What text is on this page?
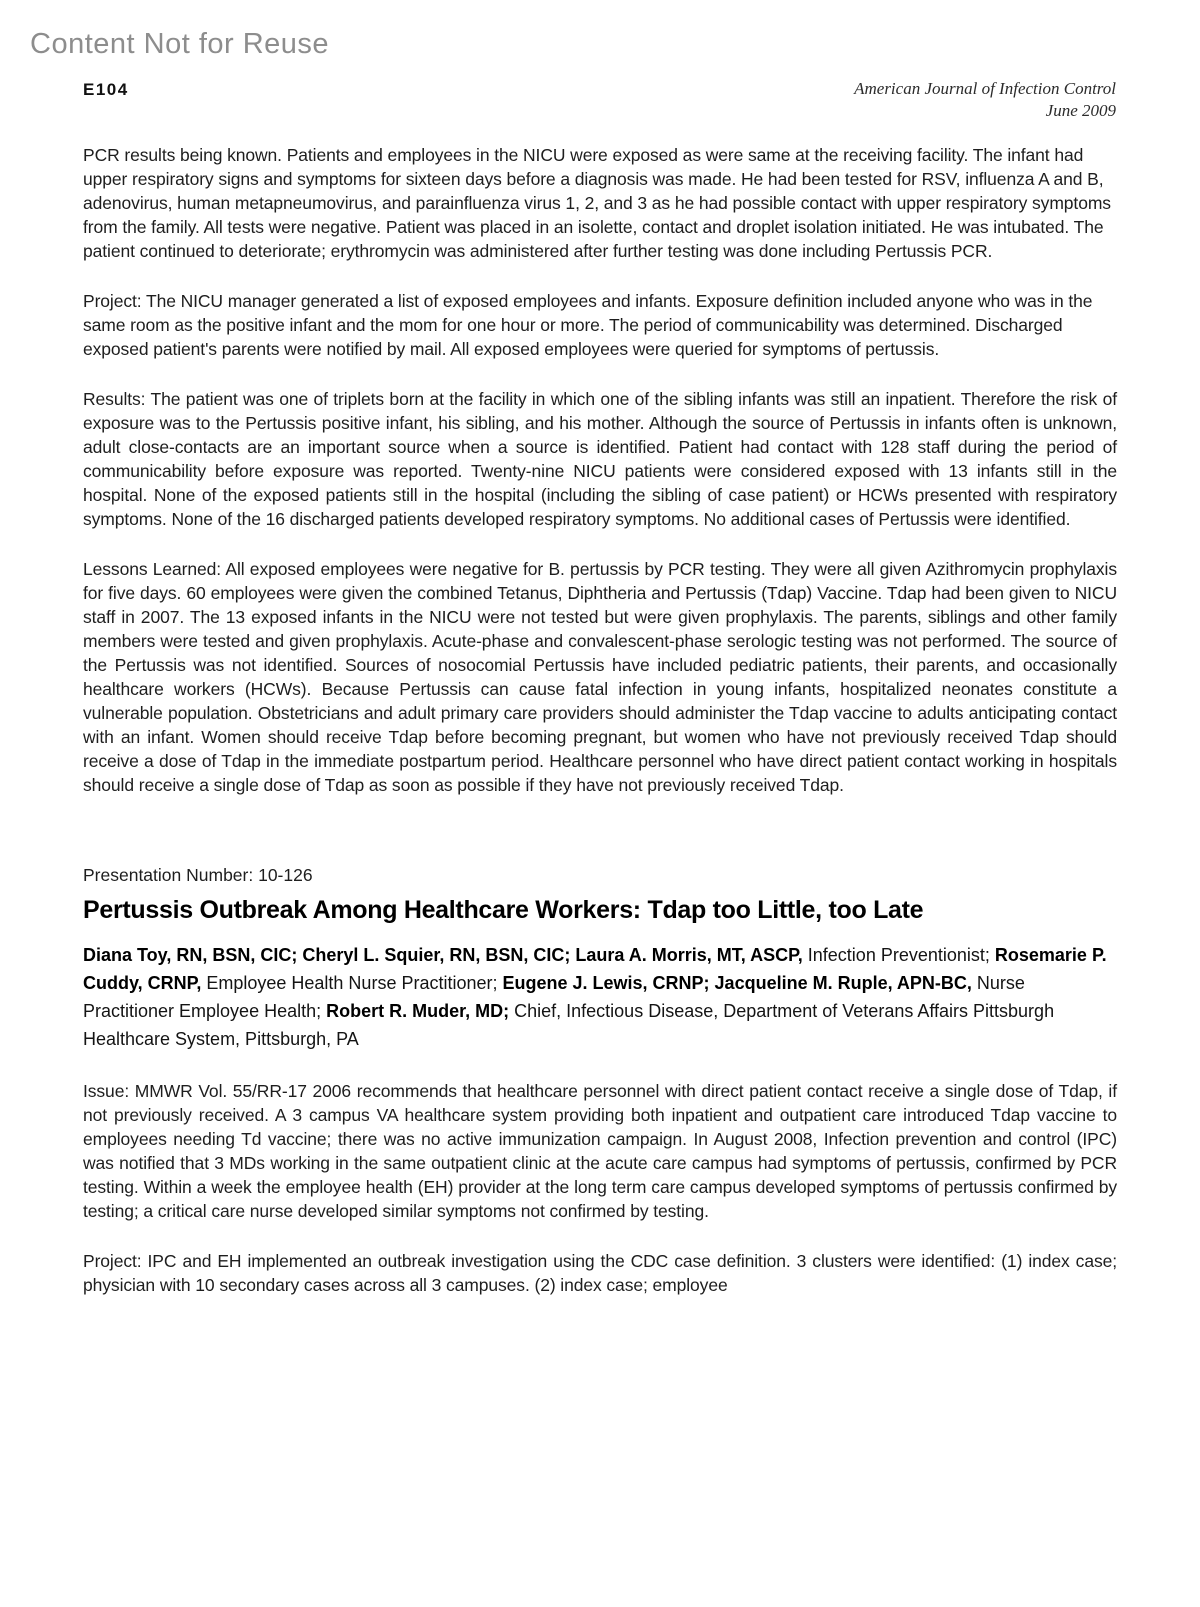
Content Not for Reuse
E104	American Journal of Infection Control
June 2009

PCR results being known. Patients and employees in the NICU were exposed as were same at the receiving facility. The infant had upper respiratory signs and symptoms for sixteen days before a diagnosis was made. He had been tested for RSV, influenza A and B, adenovirus, human metapneumovirus, and parainfluenza virus 1, 2, and 3 as he had possible contact with upper respiratory symptoms from the family. All tests were negative. Patient was placed in an isolette, contact and droplet isolation initiated. He was intubated. The patient continued to deteriorate; erythromycin was administered after further testing was done including Pertussis PCR.

Project: The NICU manager generated a list of exposed employees and infants. Exposure definition included anyone who was in the same room as the positive infant and the mom for one hour or more. The period of communicability was determined. Discharged exposed patient's parents were notified by mail. All exposed employees were queried for symptoms of pertussis.

Results: The patient was one of triplets born at the facility in which one of the sibling infants was still an inpatient. Therefore the risk of exposure was to the Pertussis positive infant, his sibling, and his mother. Although the source of Pertussis in infants often is unknown, adult close-contacts are an important source when a source is identified. Patient had contact with 128 staff during the period of communicability before exposure was reported. Twenty-nine NICU patients were considered exposed with 13 infants still in the hospital. None of the exposed patients still in the hospital (including the sibling of case patient) or HCWs presented with respiratory symptoms. None of the 16 discharged patients developed respiratory symptoms. No additional cases of Pertussis were identified.

Lessons Learned: All exposed employees were negative for B. pertussis by PCR testing. They were all given Azithromycin prophylaxis for five days. 60 employees were given the combined Tetanus, Diphtheria and Pertussis (Tdap) Vaccine. Tdap had been given to NICU staff in 2007. The 13 exposed infants in the NICU were not tested but were given prophylaxis. The parents, siblings and other family members were tested and given prophylaxis. Acute-phase and convalescent-phase serologic testing was not performed. The source of the Pertussis was not identified. Sources of nosocomial Pertussis have included pediatric patients, their parents, and occasionally healthcare workers (HCWs). Because Pertussis can cause fatal infection in young infants, hospitalized neonates constitute a vulnerable population. Obstetricians and adult primary care providers should administer the Tdap vaccine to adults anticipating contact with an infant. Women should receive Tdap before becoming pregnant, but women who have not previously received Tdap should receive a dose of Tdap in the immediate postpartum period. Healthcare personnel who have direct patient contact working in hospitals should receive a single dose of Tdap as soon as possible if they have not previously received Tdap.

Presentation Number: 10-126

Pertussis Outbreak Among Healthcare Workers: Tdap too Little, too Late

Diana Toy, RN, BSN, CIC; Cheryl L. Squier, RN, BSN, CIC; Laura A. Morris, MT, ASCP, Infection Preventionist; Rosemarie P. Cuddy, CRNP, Employee Health Nurse Practitioner; Eugene J. Lewis, CRNP; Jacqueline M. Ruple, APN-BC, Nurse Practitioner Employee Health; Robert R. Muder, MD; Chief, Infectious Disease, Department of Veterans Affairs Pittsburgh Healthcare System, Pittsburgh, PA

Issue: MMWR Vol. 55/RR-17 2006 recommends that healthcare personnel with direct patient contact receive a single dose of Tdap, if not previously received. A 3 campus VA healthcare system providing both inpatient and outpatient care introduced Tdap vaccine to employees needing Td vaccine; there was no active immunization campaign. In August 2008, Infection prevention and control (IPC) was notified that 3 MDs working in the same outpatient clinic at the acute care campus had symptoms of pertussis, confirmed by PCR testing. Within a week the employee health (EH) provider at the long term care campus developed symptoms of pertussis confirmed by testing; a critical care nurse developed similar symptoms not confirmed by testing.

Project: IPC and EH implemented an outbreak investigation using the CDC case definition. 3 clusters were identified: (1) index case; physician with 10 secondary cases across all 3 campuses. (2) index case; employee
